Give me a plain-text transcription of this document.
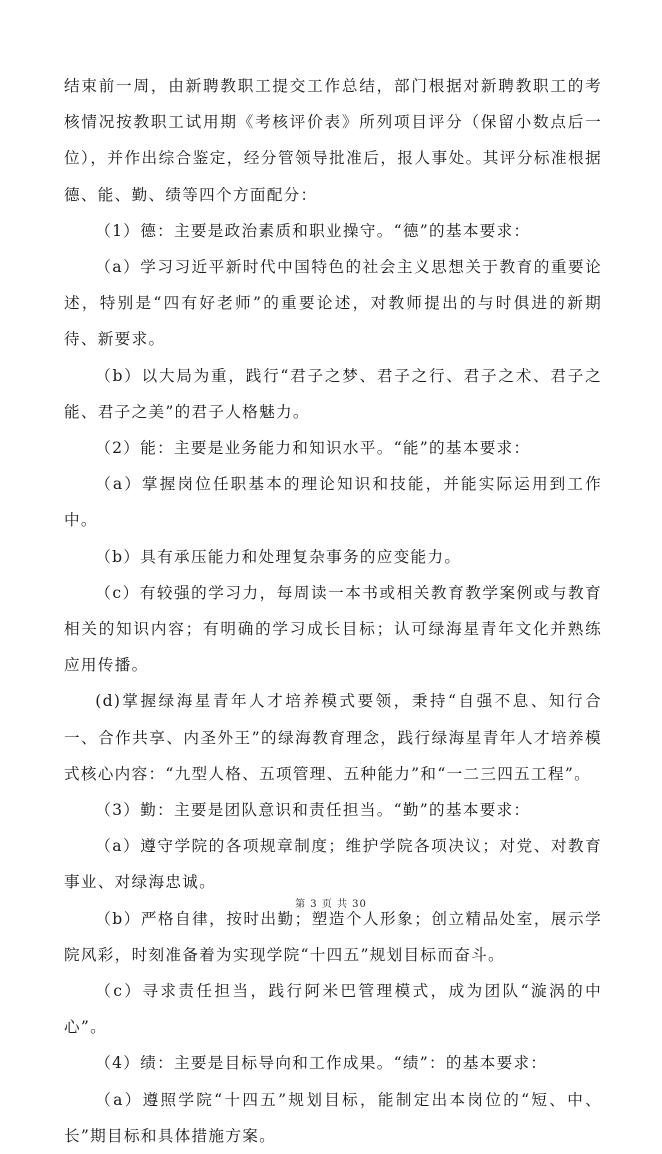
结束前一周，由新聘教职工提交工作总结，部门根据对新聘教职工的考核情况按教职工试用期《考核评价表》所列项目评分（保留小数点后一位），并作出综合鉴定，经分管领导批准后，报人事处。其评分标准根据德、能、勤、绩等四个方面配分：

（1）德：主要是政治素质和职业操守。“德”的基本要求：

（a）学习习近平新时代中国特色的社会主义思想关于教育的重要论述，特别是“四有好老师”的重要论述，对教师提出的与时俱进的新期待、新要求。

（b）以大局为重，践行“君子之梦、君子之行、君子之术、君子之能、君子之美”的君子人格魅力。

（2）能：主要是业务能力和知识水平。“能”的基本要求：

（a）掌握岗位任职基本的理论知识和技能，并能实际运用到工作中。

（b）具有承压能力和处理复杂事务的应变能力。

（c）有较强的学习力，每周读一本书或相关教育教学案例或与教育相关的知识内容；有明确的学习成长目标；认可绿海星青年文化并熟练应用传播。

(d)掌握绿海星青年人才培养模式要领，秉持“自强不息、知行合一、合作共享、内圣外王”的绿海教育理念，践行绿海星青年人才培养模式核心内容：“九型人格、五项管理、五种能力”和“一二三四五工程”。

（3）勤：主要是团队意识和责任担当。“勤”的基本要求：

（a）遵守学院的各项规章制度；维护学院各项决议；对党、对教育事业、对绿海忠诚。

（b）严格自律，按时出勤；塑造个人形象；创立精品处室，展示学院风彩，时刻准备着为实现学院“十四五”规划目标而奋斗。

（c）寻求责任担当，践行阿米巴管理模式，成为团队“漩涡的中心”。

（4）绩：主要是目标导向和工作成果。“绩”：的基本要求：

（a）遵照学院“十四五”规划目标，能制定出本岗位的“短、中、长”期目标和具体措施方案。

第 3 页 共 30
